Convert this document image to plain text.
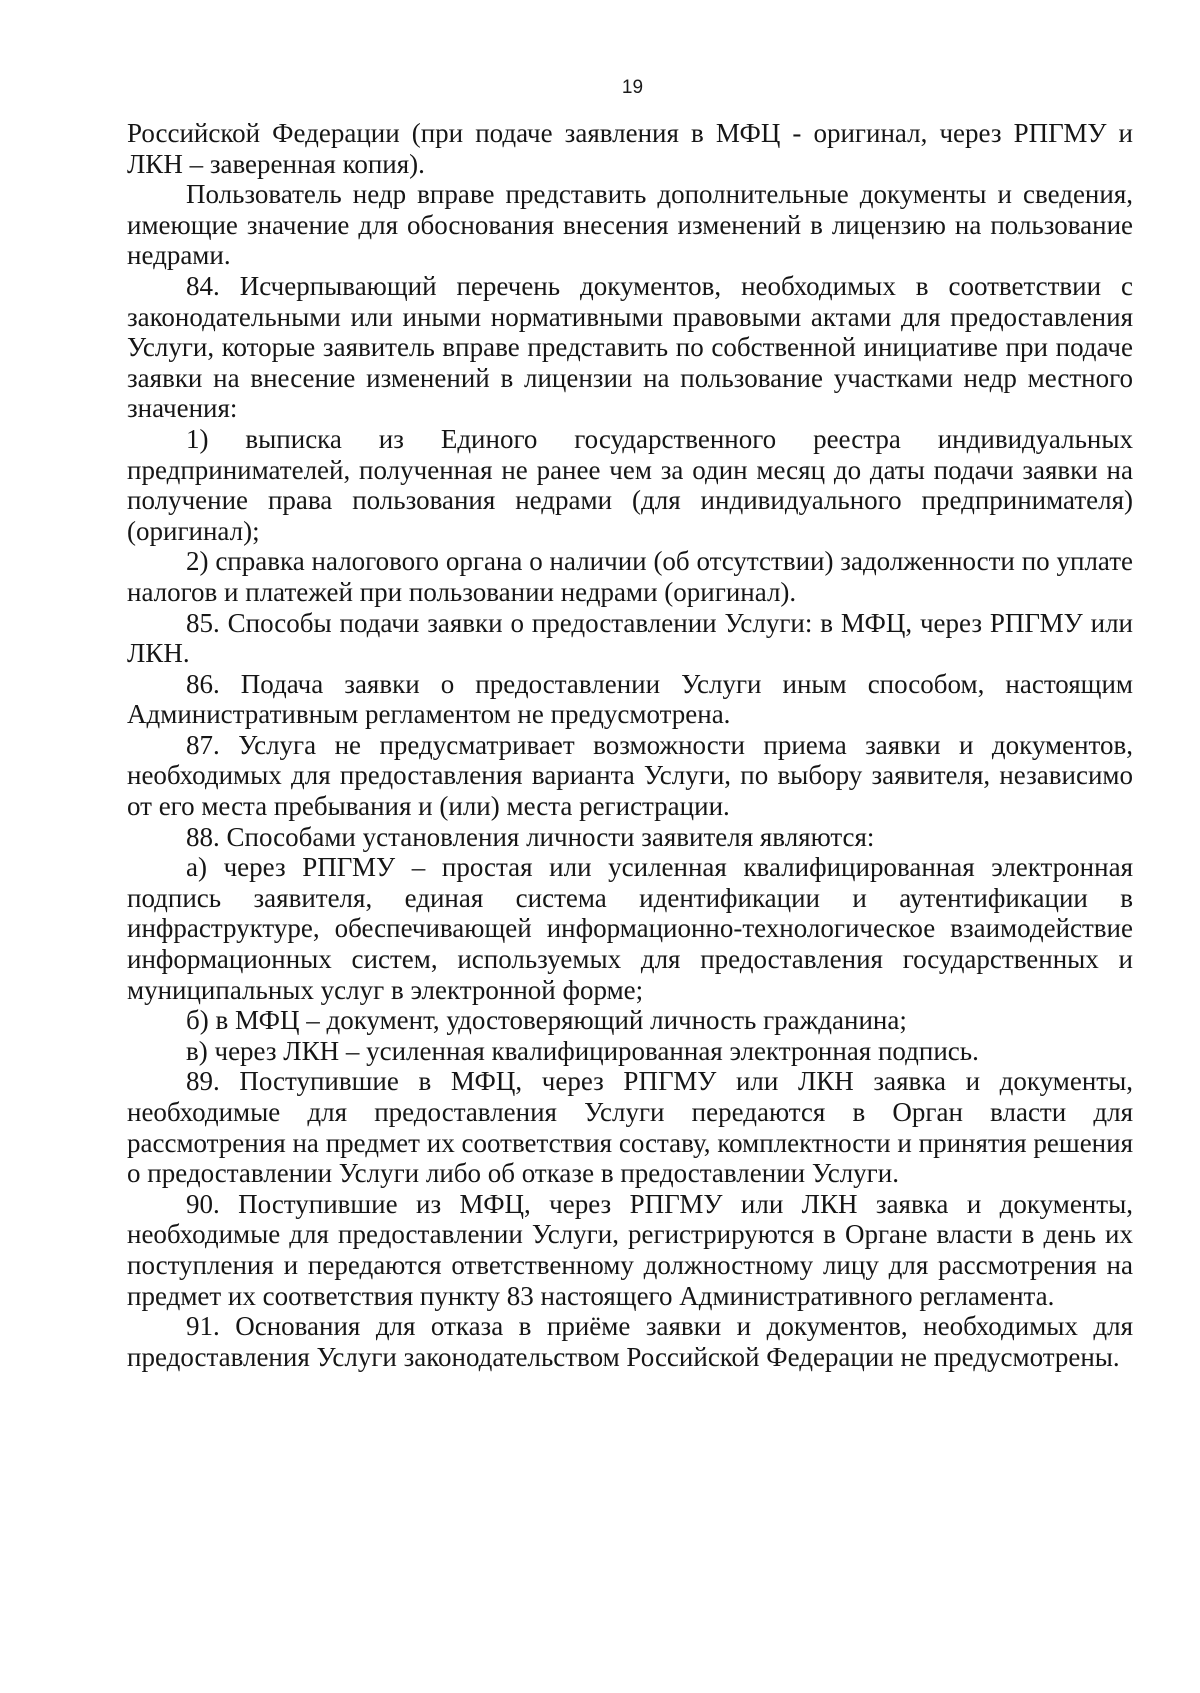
19

Российской Федерации (при подаче заявления в МФЦ - оригинал, через РПГМУ и ЛКН – заверенная копия).

Пользователь недр вправе представить дополнительные документы и сведения, имеющие значение для обоснования внесения изменений в лицензию на пользование недрами.

84. Исчерпывающий перечень документов, необходимых в соответствии с законодательными или иными нормативными правовыми актами для предоставления Услуги, которые заявитель вправе представить по собственной инициативе при подаче заявки на внесение изменений в лицензии на пользование участками недр местного значения:

1) выписка из Единого государственного реестра индивидуальных предпринимателей, полученная не ранее чем за один месяц до даты подачи заявки на получение права пользования недрами (для индивидуального предпринимателя) (оригинал);

2) справка налогового органа о наличии (об отсутствии) задолженности по уплате налогов и платежей при пользовании недрами (оригинал).

85. Способы подачи заявки о предоставлении Услуги: в МФЦ, через РПГМУ или ЛКН.

86. Подача заявки о предоставлении Услуги иным способом, настоящим Административным регламентом не предусмотрена.

87. Услуга не предусматривает возможности приема заявки и документов, необходимых для предоставления варианта Услуги, по выбору заявителя, независимо от его места пребывания и (или) места регистрации.

88. Способами установления личности заявителя являются:

а) через РПГМУ – простая или усиленная квалифицированная электронная подпись заявителя, единая система идентификации и аутентификации в инфраструктуре, обеспечивающей информационно-технологическое взаимодействие информационных систем, используемых для предоставления государственных и муниципальных услуг в электронной форме;

б) в МФЦ – документ, удостоверяющий личность гражданина;

в) через ЛКН – усиленная квалифицированная электронная подпись.

89. Поступившие в МФЦ, через РПГМУ или ЛКН заявка и документы, необходимые для предоставления Услуги передаются в Орган власти для рассмотрения на предмет их соответствия составу, комплектности и принятия решения о предоставлении Услуги либо об отказе в предоставлении Услуги.

90. Поступившие из МФЦ, через РПГМУ или ЛКН заявка и документы, необходимые для предоставлении Услуги, регистрируются в Органе власти в день их поступления и передаются ответственному должностному лицу для рассмотрения на предмет их соответствия пункту 83 настоящего Административного регламента.

91. Основания для отказа в приёме заявки и документов, необходимых для предоставления Услуги законодательством Российской Федерации не предусмотрены.
